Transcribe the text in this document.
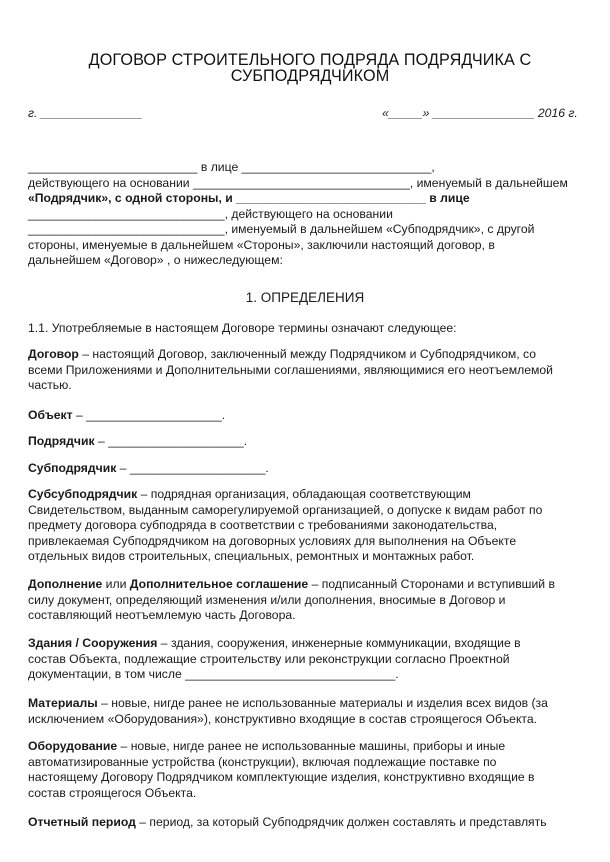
ДОГОВОР СТРОИТЕЛЬНОГО ПОДРЯДА ПОДРЯДЧИКА С
СУБПОДРЯДЧИКОМ
г. _______________	«_____» _______________ 2016 г.
_________________________ в лице ____________________________,
действующего на основании ________________________________, именуемый в дальнейшем
«Подрядчик», с одной стороны, и ____________________________ в лице
_____________________________, действующего на основании
_____________________________, именуемый в дальнейшем «Субподрядчик», с другой
стороны, именуемые в дальнейшем «Стороны», заключили настоящий договор, в
дальнейшем «Договор» , о нижеследующем:
1. ОПРЕДЕЛЕНИЯ
1.1. Употребляемые в настоящем Договоре термины означают следующее:
Договор – настоящий Договор, заключенный между Подрядчиком и Субподрядчиком, со
всеми Приложениями и Дополнительными соглашениями, являющимися его неотъемлемой
частью.
Объект – ____________________.
Подрядчик – ____________________.
Субподрядчик – ____________________.
Субсубподрядчик – подрядная организация, обладающая соответствующим
Свидетельством, выданным саморегулируемой организацией, о допуске к видам работ по
предмету договора субподряда в соответствии с требованиями законодательства,
привлекаемая Субподрядчиком на договорных условиях для выполнения на Объекте
отдельных видов строительных, специальных, ремонтных и монтажных работ.
Дополнение или Дополнительное соглашение – подписанный Сторонами и вступивший в
силу документ, определяющий изменения и/или дополнения, вносимые в Договор и
составляющий неотъемлемую часть Договора.
Здания / Сооружения – здания, сооружения, инженерные коммуникации, входящие в
состав Объекта, подлежащие строительству или реконструкции согласно Проектной
документации, в том числе _______________________________.
Материалы – новые, нигде ранее не использованные материалы и изделия всех видов (за
исключением «Оборудования»), конструктивно входящие в состав строящегося Объекта.
Оборудование – новые, нигде ранее не использованные машины, приборы и иные
автоматизированные устройства (конструкции), включая подлежащие поставке по
настоящему Договору Подрядчиком комплектующие изделия, конструктивно входящие в
состав строящегося Объекта.
Отчетный период – период, за который Субподрядчик должен составлять и представлять
